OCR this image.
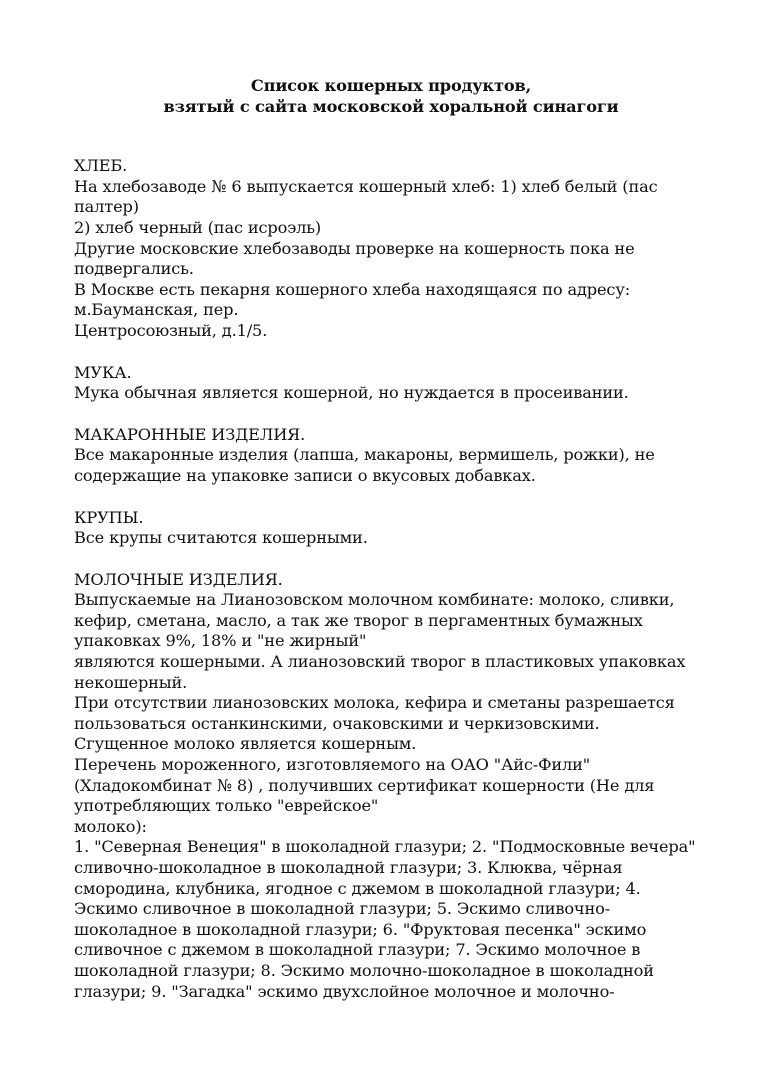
Список кошерных продуктов,
взятый с сайта московской хоральной синагоги
ХЛЕБ.
На хлебозаводе № 6 выпускается кошерный хлеб: 1) хлеб белый (пас
палтер)
2) хлеб черный (пас исроэль)
Другие московские хлебозаводы проверке на кошерность пока не
подвергались.
В Москве есть пекарня кошерного хлеба находящаяся по адресу:
м.Бауманская, пер.
Центросоюзный, д.1/5.
МУКА.
Мука обычная является кошерной, но нуждается в просеивании.
МАКАРОННЫЕ ИЗДЕЛИЯ.
Все макаронные изделия (лапша, макароны, вермишель, рожки), не
содержащие на упаковке записи о вкусовых добавках.
КРУПЫ.
Все крупы считаются кошерными.
МОЛОЧНЫЕ ИЗДЕЛИЯ.
Выпускаемые на Лианозовском молочном комбинате: молоко, сливки,
кефир, сметана, масло, а так же творог в пергаментных бумажных
упаковках 9%, 18% и "не жирный"
являются кошерными. А лианозовский творог в пластиковых упаковках
некошерный.
При отсутствии лианозовских молока, кефира и сметаны разрешается
пользоваться останкинскими, очаковскими и черкизовскими.
Сгущенное молоко является кошерным.
Перечень мороженного, изготовляемого на ОАО "Айс-Фили"
(Хладокомбинат № 8) , получивших сертификат кошерности (Не для
употребляющих только "еврейское"
молоко):
1. "Северная Венеция" в шоколадной глазури; 2. "Подмосковные вечера"
сливочно-шоколадное в шоколадной глазури; 3. Клюква, чёрная
смородина, клубника, ягодное с джемом в шоколадной глазури; 4.
Эскимо сливочное в шоколадной глазури; 5. Эскимо сливочно-
шоколадное в шоколадной глазури; 6. "Фруктовая песенка" эскимо
сливочное с джемом в шоколадной глазури; 7. Эскимо молочное в
шоколадной глазури; 8. Эскимо молочно-шоколадное в шоколадной
глазури; 9. "Загадка" эскимо двухслойное молочное и молочно-
